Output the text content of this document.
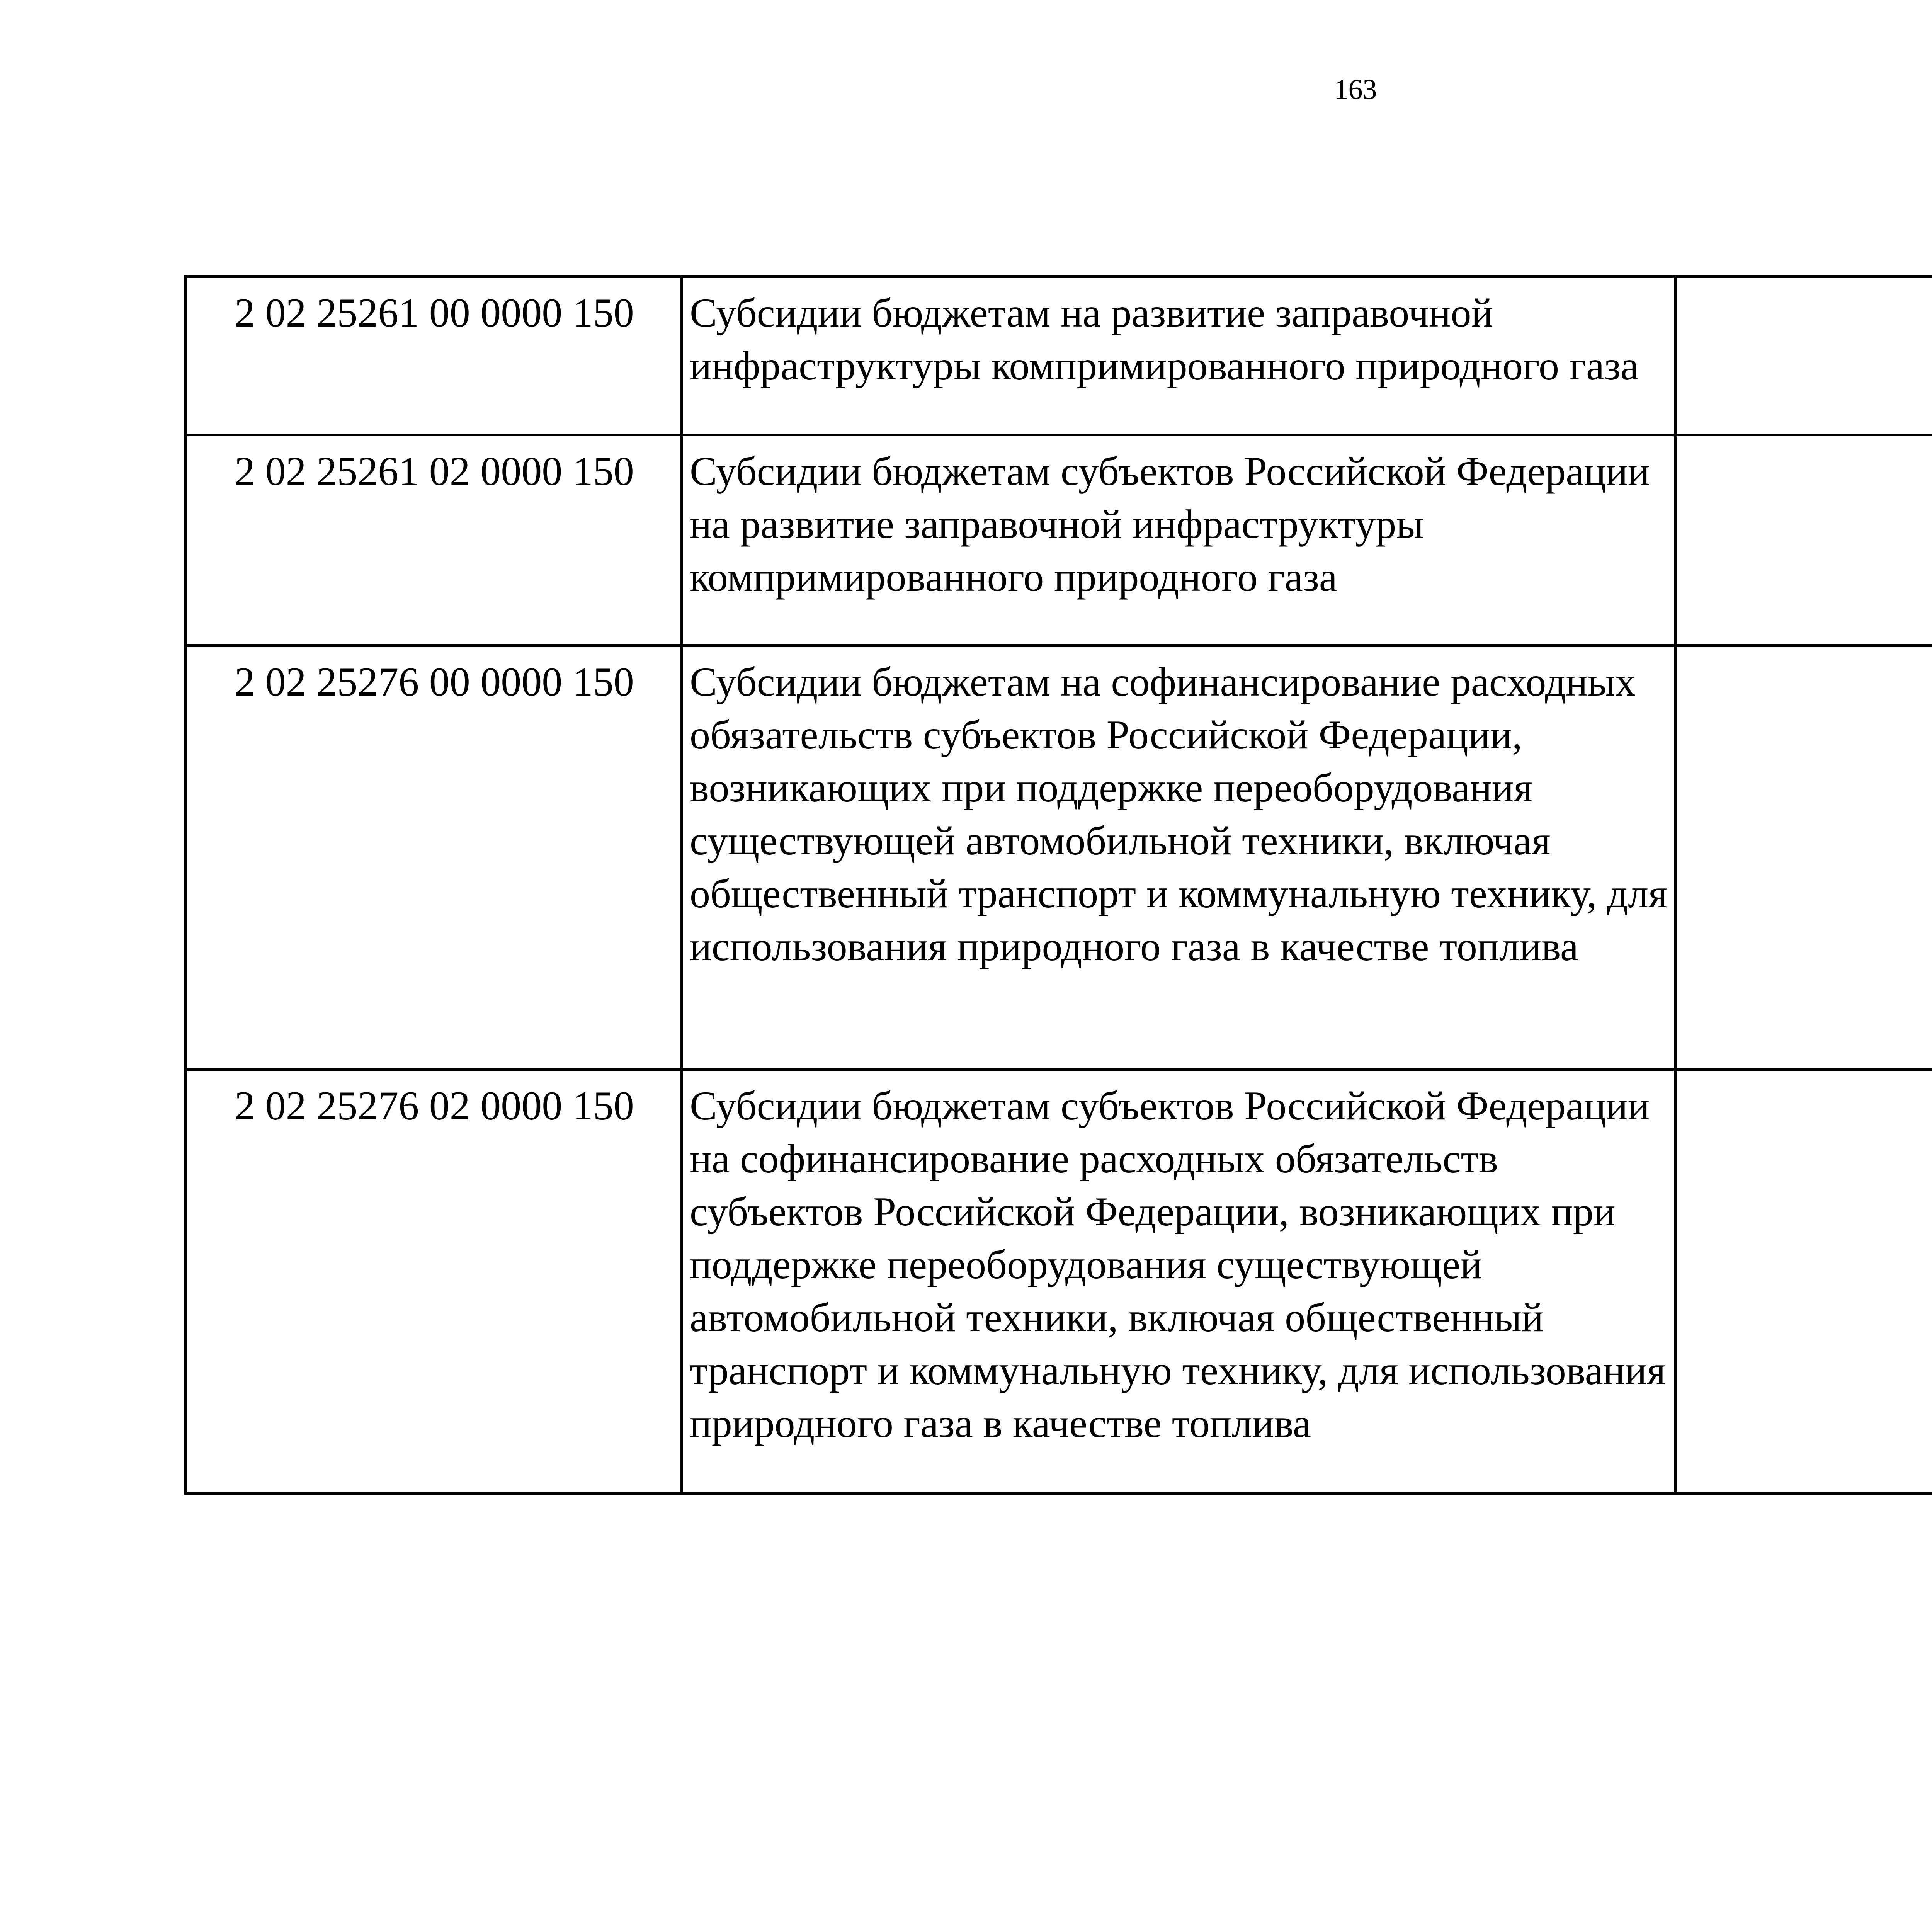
163
2 02 25261 00 0000 150	Субсидии бюджетам на развитие заправочной инфраструктуры компримированного природного газа			
2 02 25261 02 0000 150	Субсидии бюджетам субъектов Российской Федерации на развитие заправочной инфраструктуры компримированного природного газа			
2 02 25276 00 0000 150	Субсидии бюджетам на софинансирование расходных обязательств субъектов Российской Федерации, возникающих при поддержке переоборудования существующей автомобильной техники, включая общественный транспорт и коммунальную технику, для использования природного газа в качестве топлива			
2 02 25276 02 0000 150	Субсидии бюджетам субъектов Российской Федерации на софинансирование расходных обязательств субъектов Российской Федерации, возникающих при поддержке переоборудования существующей автомобильной техники, включая общественный транспорт и коммунальную технику, для использования природного газа в качестве топлива			
